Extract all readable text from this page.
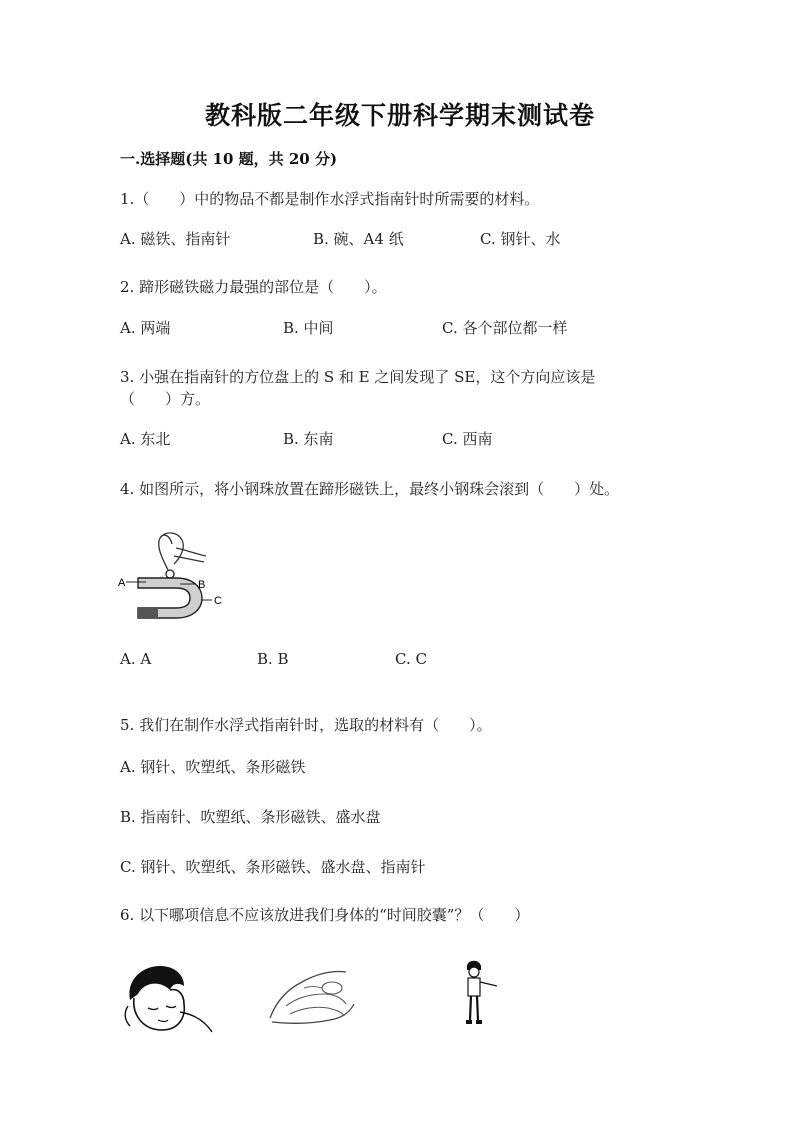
教科版二年级下册科学期末测试卷
一.选择题(共 10 题，共 20 分)
1.（　　）中的物品不都是制作水浮式指南针时所需要的材料。
A. 磁铁、指南针	B. 碗、A4 纸	C. 钢针、水
2. 蹄形磁铁磁力最强的部位是（　　）。
A. 两端	B. 中间	C. 各个部位都一样
3. 小强在指南针的方位盘上的 S 和 E 之间发现了 SE，这个方向应该是
（　　）方。
A. 东北	B. 东南	C. 西南
4. 如图所示，将小钢珠放置在蹄形磁铁上，最终小钢珠会滚到（　　）处。
A	B
C
A. A	B. B	C. C
5. 我们在制作水浮式指南针时，选取的材料有（　　）。
A. 钢针、吹塑纸、条形磁铁
B. 指南针、吹塑纸、条形磁铁、盛水盘
C. 钢针、吹塑纸、条形磁铁、盛水盘、指南针
6. 以下哪项信息不应该放进我们身体的“时间胶囊”？（　　）
